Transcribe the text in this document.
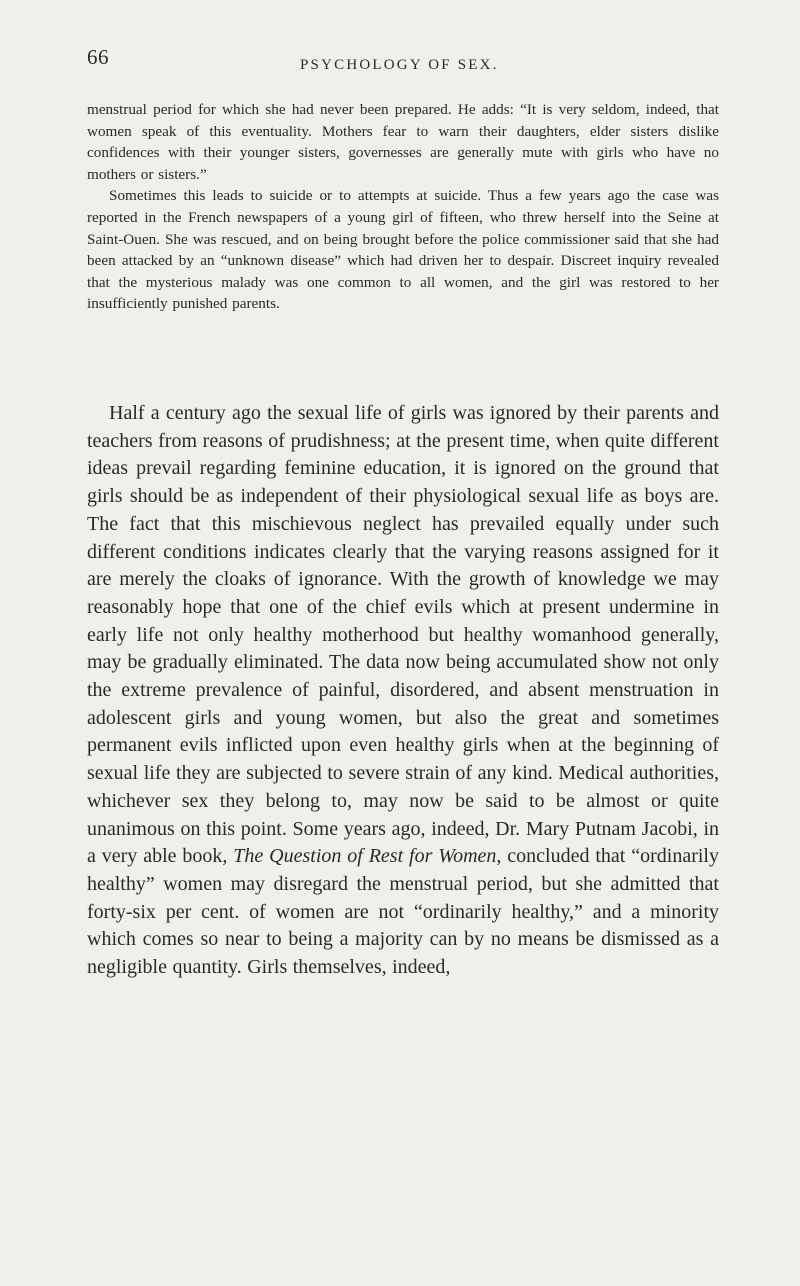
66	PSYCHOLOGY OF SEX.

menstrual period for which she had never been prepared. He adds: “It is very seldom, indeed, that women speak of this eventuality. Mothers fear to warn their daughters, elder sisters dislike confidences with their younger sisters, governesses are generally mute with girls who have no mothers or sisters.”

Sometimes this leads to suicide or to attempts at suicide. Thus a few years ago the case was reported in the French newspapers of a young girl of fifteen, who threw herself into the Seine at Saint-Ouen. She was rescued, and on being brought before the police commissioner said that she had been attacked by an “unknown disease” which had driven her to despair. Discreet inquiry revealed that the mysterious malady was one common to all women, and the girl was restored to her insufficiently punished parents.

Half a century ago the sexual life of girls was ignored by their parents and teachers from reasons of prudishness; at the present time, when quite different ideas prevail regarding feminine education, it is ignored on the ground that girls should be as independent of their physiological sexual life as boys are. The fact that this mischievous neglect has prevailed equally under such different conditions indicates clearly that the varying reasons assigned for it are merely the cloaks of ignorance. With the growth of knowledge we may reasonably hope that one of the chief evils which at present undermine in early life not only healthy motherhood but healthy womanhood generally, may be gradually eliminated. The data now being accumulated show not only the extreme prevalence of painful, disordered, and absent menstruation in adolescent girls and young women, but also the great and sometimes permanent evils inflicted upon even healthy girls when at the beginning of sexual life they are subjected to severe strain of any kind. Medical authorities, whichever sex they belong to, may now be said to be almost or quite unanimous on this point. Some years ago, indeed, Dr. Mary Putnam Jacobi, in a very able book, The Question of Rest for Women, concluded that “ordinarily healthy” women may disregard the menstrual period, but she admitted that forty-six per cent. of women are not “ordinarily healthy,” and a minority which comes so near to being a majority can by no means be dismissed as a negligible quantity. Girls themselves, indeed,
